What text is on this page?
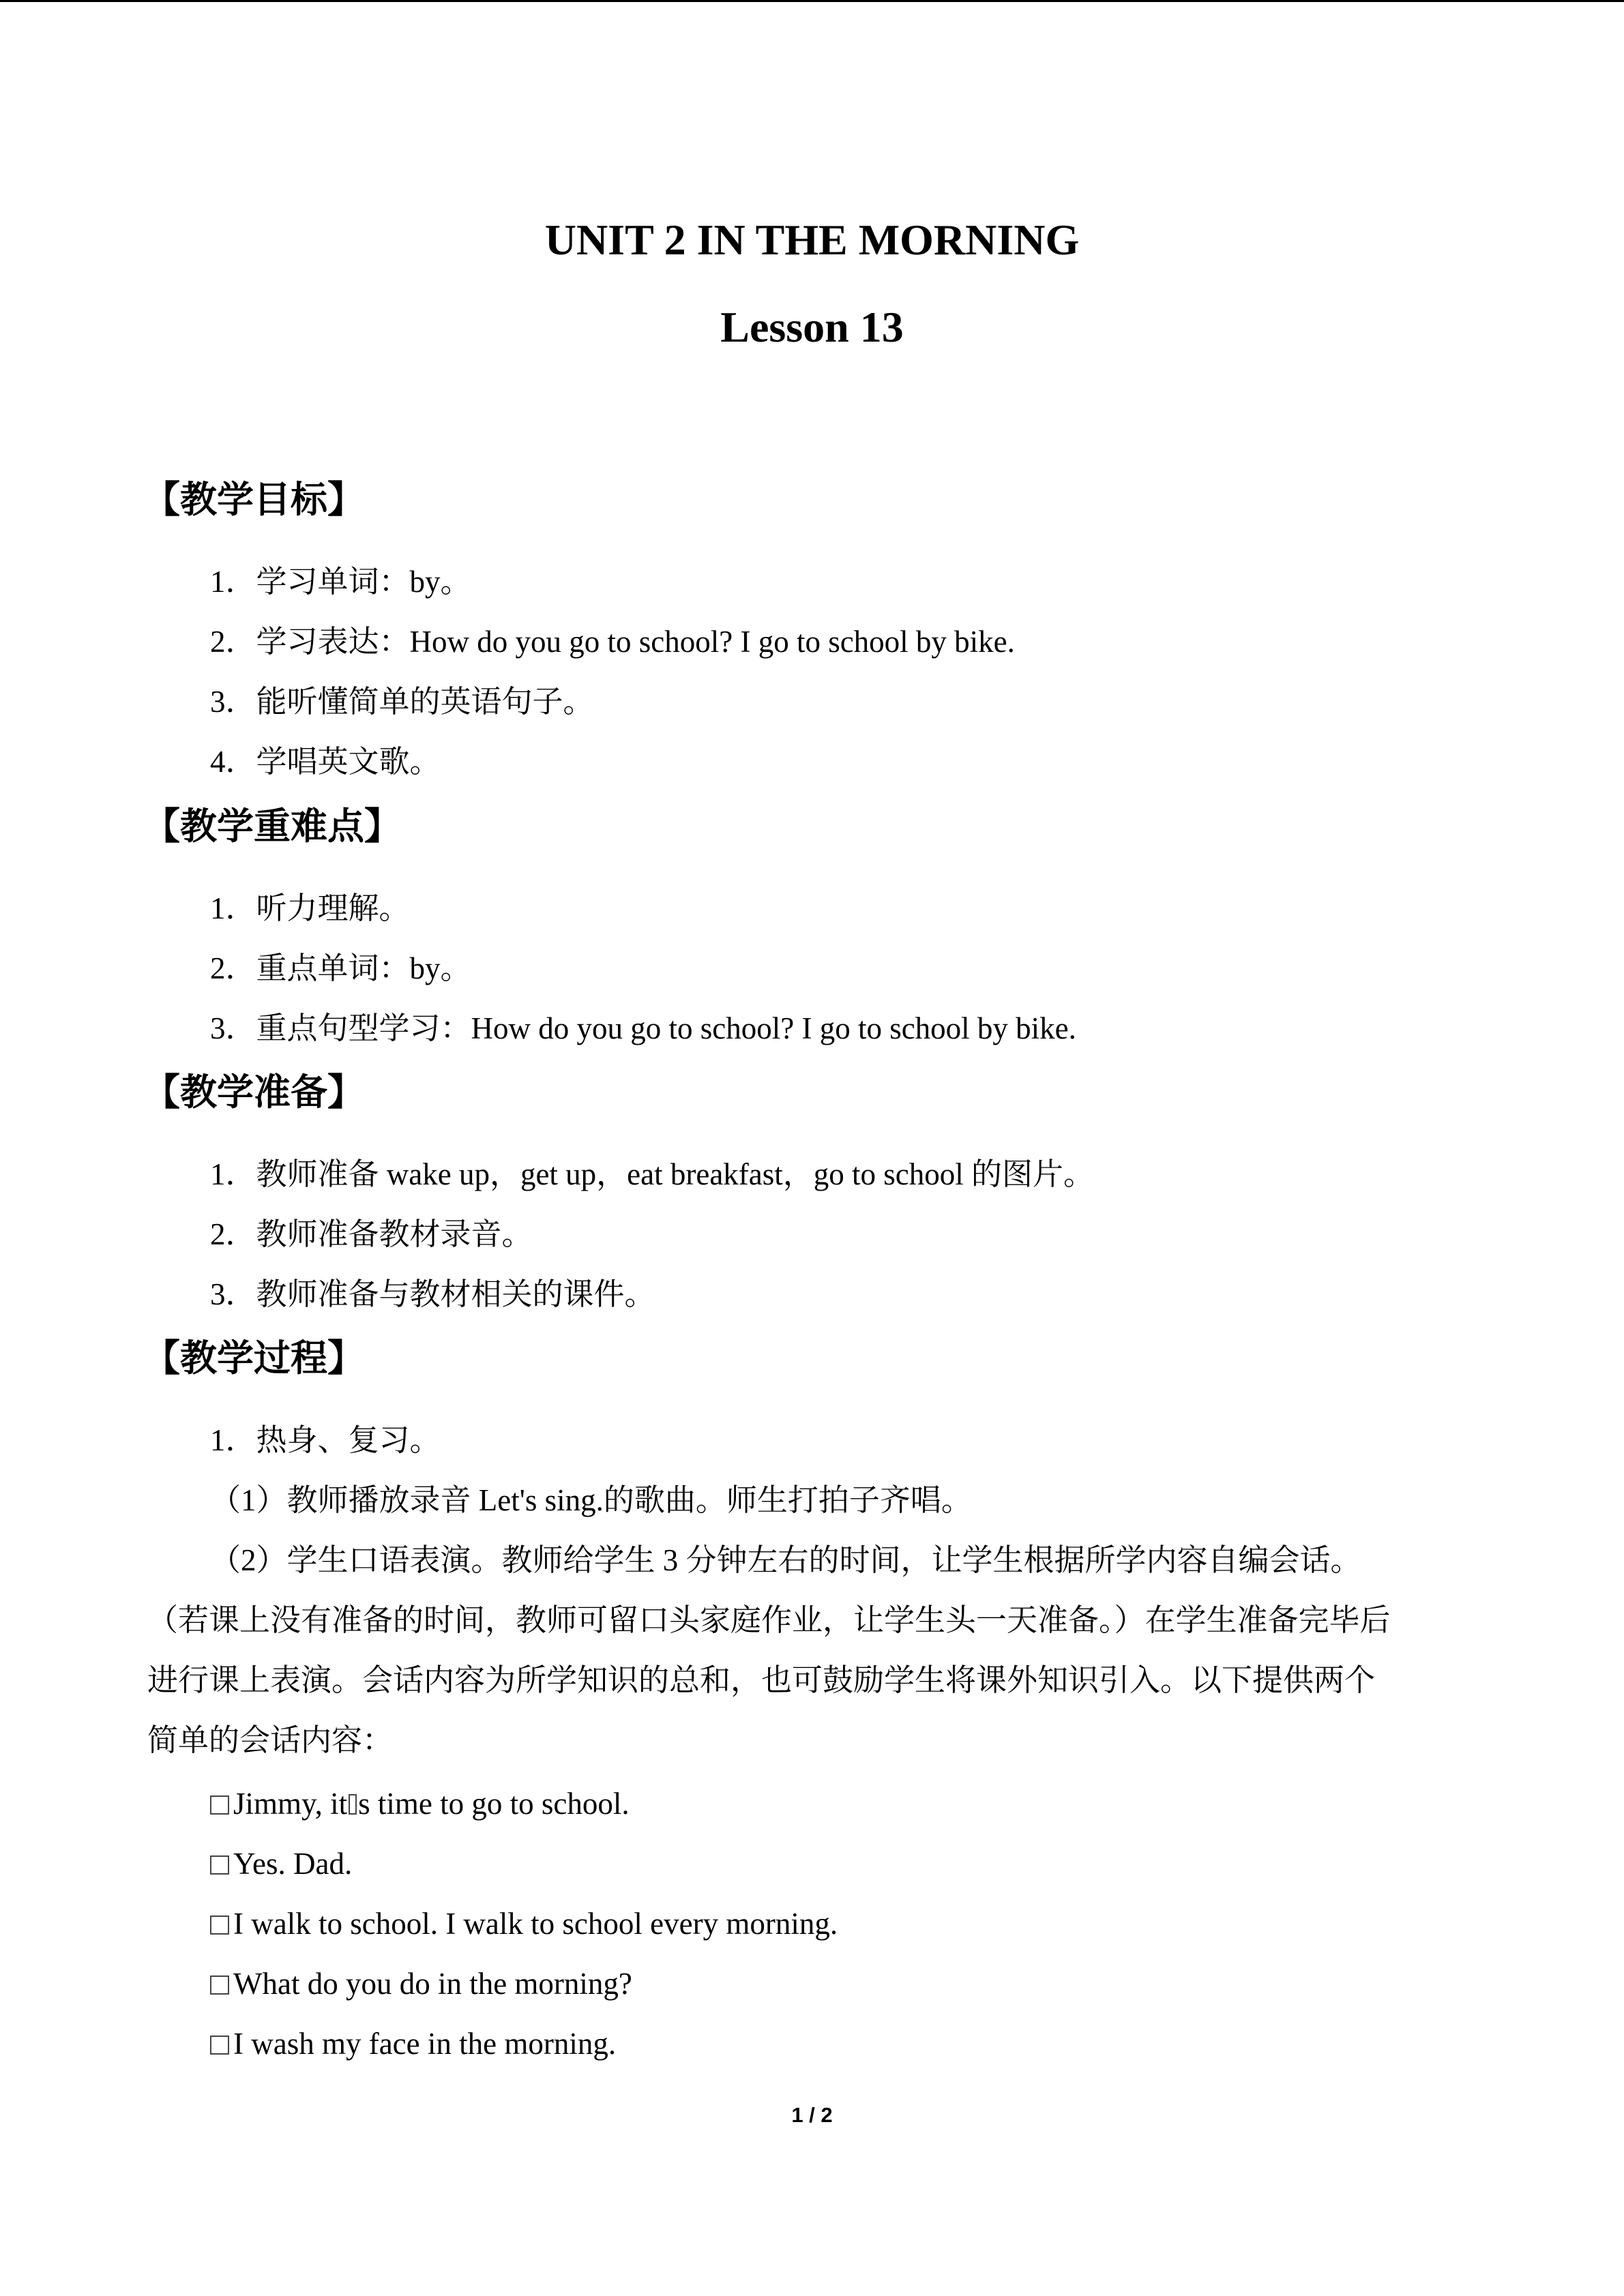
UNIT 2 IN THE MORNING
Lesson 13
【教学目标】
1．学习单词：by。
2．学习表达：How do you go to school? I go to school by bike.
3．能听懂简单的英语句子。
4．学唱英文歌。
【教学重难点】
1．听力理解。
2．重点单词：by。
3．重点句型学习：How do you go to school? I go to school by bike.
【教学准备】
1．教师准备 wake up，get up，eat breakfast，go to school 的图片。
2．教师准备教材录音。
3．教师准备与教材相关的课件。
【教学过程】
1．热身、复习。
（1）教师播放录音 Let's sing.的歌曲。师生打拍子齐唱。
（2）学生口语表演。教师给学生 3 分钟左右的时间，让学生根据所学内容自编会话。
（若课上没有准备的时间，教师可留口头家庭作业，让学生头一天准备。）在学生准备完毕后
进行课上表演。会话内容为所学知识的总和，也可鼓励学生将课外知识引入。以下提供两个
简单的会话内容：
Jimmy, it s time to go to school.
Yes. Dad.
I walk to school. I walk to school every morning.
What do you do in the morning?
I wash my face in the morning.
1 / 2
